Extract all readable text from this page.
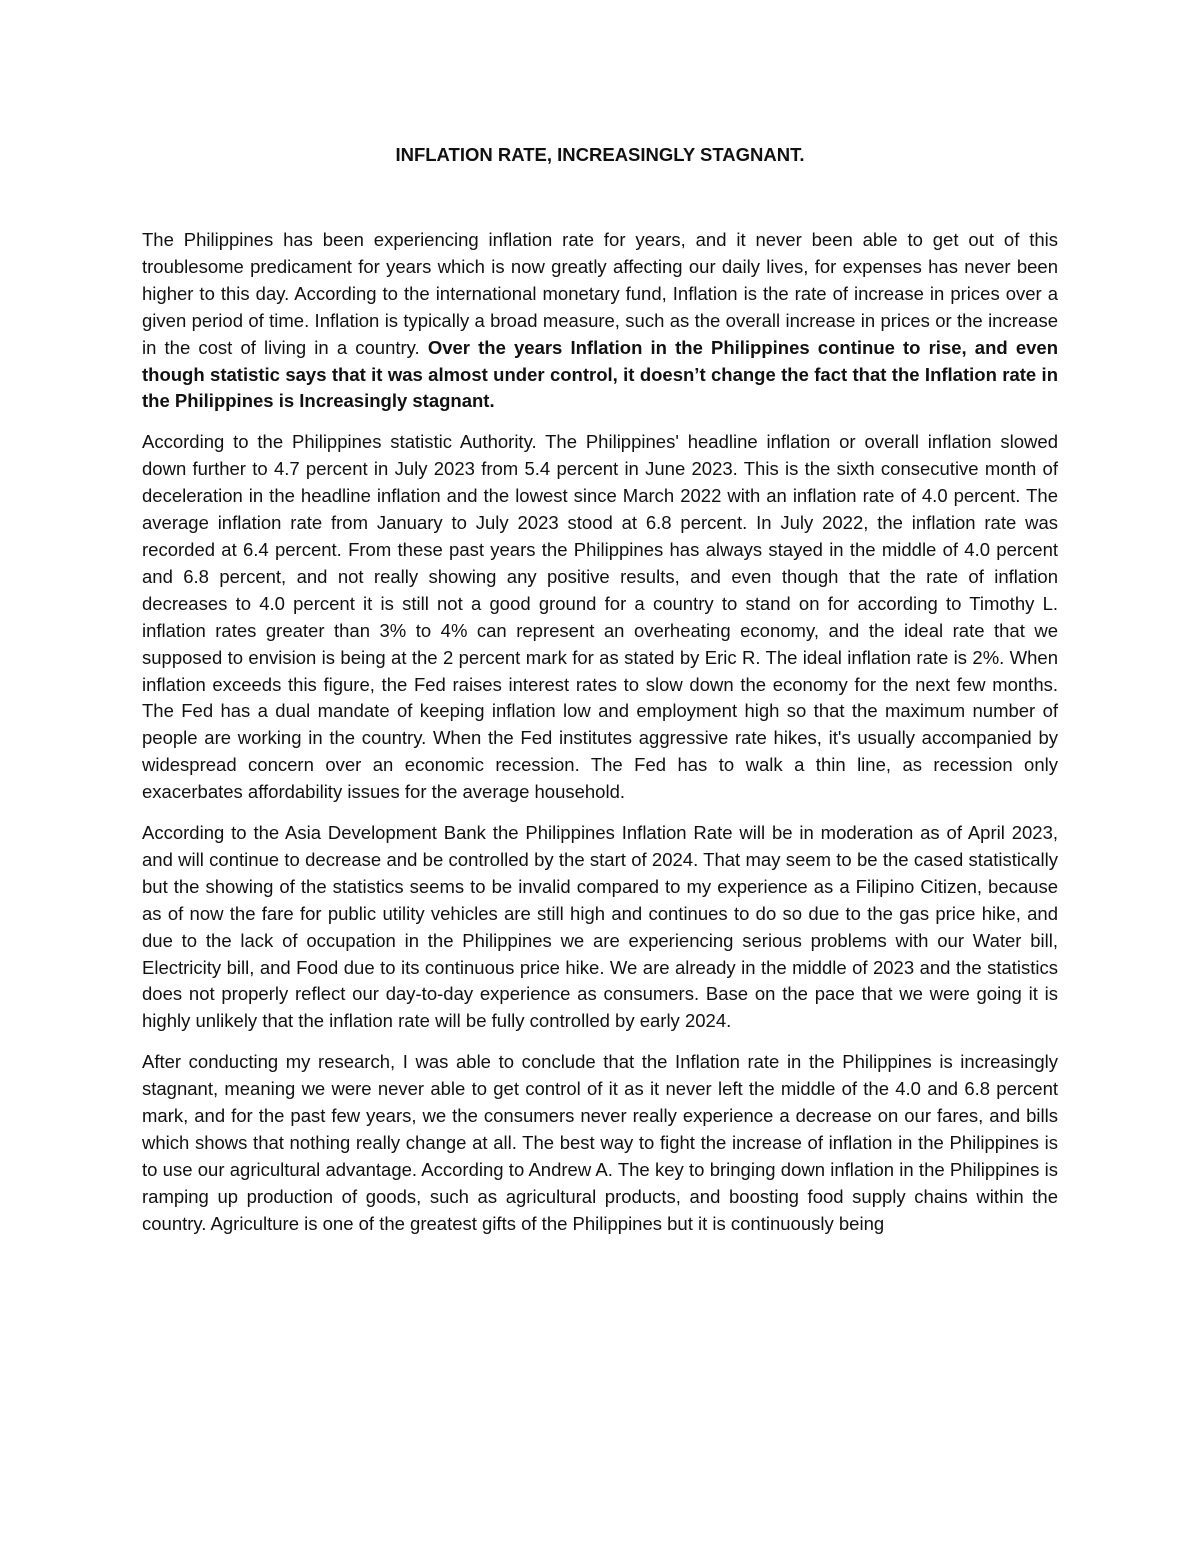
INFLATION RATE, INCREASINGLY STAGNANT.

The Philippines has been experiencing inflation rate for years, and it never been able to get out of this troublesome predicament for years which is now greatly affecting our daily lives, for expenses has never been higher to this day. According to the international monetary fund, Inflation is the rate of increase in prices over a given period of time. Inflation is typically a broad measure, such as the overall increase in prices or the increase in the cost of living in a country. Over the years Inflation in the Philippines continue to rise, and even though statistic says that it was almost under control, it doesn’t change the fact that the Inflation rate in the Philippines is Increasingly stagnant.

According to the Philippines statistic Authority. The Philippines' headline inflation or overall inflation slowed down further to 4.7 percent in July 2023 from 5.4 percent in June 2023. This is the sixth consecutive month of deceleration in the headline inflation and the lowest since March 2022 with an inflation rate of 4.0 percent. The average inflation rate from January to July 2023 stood at 6.8 percent. In July 2022, the inflation rate was recorded at 6.4 percent. From these past years the Philippines has always stayed in the middle of 4.0 percent and 6.8 percent, and not really showing any positive results, and even though that the rate of inflation decreases to 4.0 percent it is still not a good ground for a country to stand on for according to Timothy L. inflation rates greater than 3% to 4% can represent an overheating economy, and the ideal rate that we supposed to envision is being at the 2 percent mark for as stated by Eric R. The ideal inflation rate is 2%. When inflation exceeds this figure, the Fed raises interest rates to slow down the economy for the next few months. The Fed has a dual mandate of keeping inflation low and employment high so that the maximum number of people are working in the country. When the Fed institutes aggressive rate hikes, it's usually accompanied by widespread concern over an economic recession. The Fed has to walk a thin line, as recession only exacerbates affordability issues for the average household.

According to the Asia Development Bank the Philippines Inflation Rate will be in moderation as of April 2023, and will continue to decrease and be controlled by the start of 2024. That may seem to be the cased statistically but the showing of the statistics seems to be invalid compared to my experience as a Filipino Citizen, because as of now the fare for public utility vehicles are still high and continues to do so due to the gas price hike, and due to the lack of occupation in the Philippines we are experiencing serious problems with our Water bill, Electricity bill, and Food due to its continuous price hike. We are already in the middle of 2023 and the statistics does not properly reflect our day-to-day experience as consumers. Base on the pace that we were going it is highly unlikely that the inflation rate will be fully controlled by early 2024.

After conducting my research, I was able to conclude that the Inflation rate in the Philippines is increasingly stagnant, meaning we were never able to get control of it as it never left the middle of the 4.0 and 6.8 percent mark, and for the past few years, we the consumers never really experience a decrease on our fares, and bills which shows that nothing really change at all. The best way to fight the increase of inflation in the Philippines is to use our agricultural advantage. According to Andrew A. The key to bringing down inflation in the Philippines is ramping up production of goods, such as agricultural products, and boosting food supply chains within the country. Agriculture is one of the greatest gifts of the Philippines but it is continuously being
